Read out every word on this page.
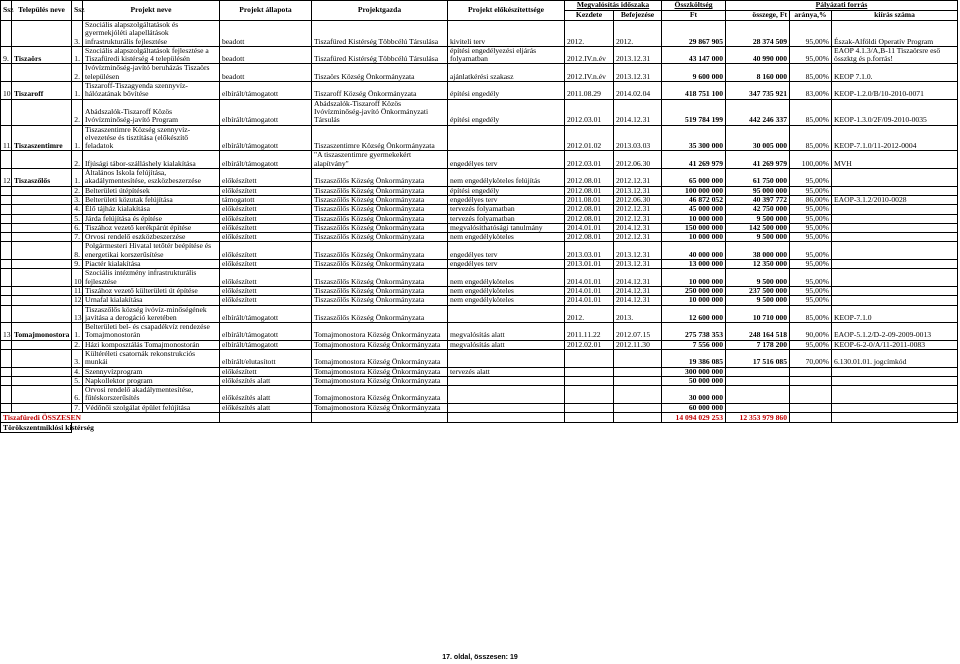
Ssz	Település neve	Ssz	Projekt neve	Projekt állapota	Projektgazda	Projekt előkészítettsége	Megvalósítás időszaka		Összköltség	Pályázati forrás		
							Kezdete	Befejezése	Ft	összege, Ft	aránya,%	kiírás száma
		3.	Szociális alapszolgáltatások és gyermekjóléti alapellátások infrastrukturális fejlesztése	beadott	Tiszafüred Kistérség Többcélú Társulása	kiviteli terv	2012.	2012.	29 867 905	28 374 509	95,00%	Észak-Alföldi Operatív Program
9.	Tiszaörs	1.	Szociális alapszolgáltatások fejlesztése a Tiszafüredi kistérség 4 településén	beadott	Tiszafüred Kistérség Többcélú Társulása	építési engedélyezési eljárás folyamatban	2012.IV.n.év	2013.12.31	43 147 000	40 990 000	95,00%	EAOP 4.1.3/A,B-11 Tiszaörsre eső összktg és p.forrás!
		2.	Ivóvízminőség-javító beruházás Tiszaörs településen	beadott	Tiszaörs Község Önkormányzata	ajánlatkérési szakasz	2012.IV.n.év	2013.12.31	9 600 000	8 160 000	85,00%	KEOP 7.1.0.
10.	Tiszaroff	1.	Tiszaroff-Tiszagyenda szennyvíz-hálózatának bővítése	elbírált/támogatott	Tiszaroff Község Önkormányzata	építési engedély	2011.08.29	2014.02.04	418 751 100	347 735 921	83,00%	KEOP-1.2.0/B/10-2010-0071
		2.	Abádszalók-Tiszaroff Közös Ivóvízminőség-javító Program	elbírált/támogatott	Abádszalók-Tiszaroff Közös Ivóvízminőség-javító Önkormányzati Társulás	építési engedély	2012.03.01	2014.12.31	519 784 199	442 246 337	85,00%	KEOP-1.3.0/2F/09-2010-0035
11.	Tiszaszentimre	1.	Tiszaszentimre Község szennyvíz-elvezetése és tisztítása (előkészítő feladatok	elbírált/támogatott	Tiszaszentimre Község Önkormányzata		2012.01.02	2013.03.03	35 300 000	30 005 000	85,00%	KEOP-7.1.0/11-2012-0004
		2.	Ifjúsági tábor-szálláshely kialakítása	elbírált/támogatott	"A tiszaszentimre gyermekekért alapítvány"	engedélyes terv	2012.03.01	2012.06.30	41 269 979	41 269 979	100,00%	MVH
12.	Tiszaszőlős	1.	Általános Iskola felújítása, akadálymentesítése, eszközbeszerzése	előkészített	Tiszaszőlős Község Önkormányzata	nem engedélyköteles felújítás	2012.08.01	2012.12.31	65 000 000	61 750 000	95,00%	
		2.	Belterületi útépítések	előkészített	Tiszaszőlős Község Önkormányzata	építési engedély	2012.08.01	2013.12.31	100 000 000	95 000 000	95,00%	
		3.	Belterületi közutak felújítása	támogatott	Tiszaszőlős Község Önkormányzata	engedélyes terv	2011.08.01	2012.06.30	46 872 052	40 397 772	86,00%	EAOP-3.1.2/2010-0028
		4.	Élő tájház kialakítása	előkészített	Tiszaszőlős Község Önkormányzata	tervezés folyamatban	2012.08.01	2012.12.31	45 000 000	42 750 000	95,00%	
		5.	Járda felújítása és építése	előkészített	Tiszaszőlős Község Önkormányzata	tervezés folyamatban	2012.08.01	2012.12.31	10 000 000	9 500 000	95,00%	
		6.	Tiszához vezető kerékpárút építése	előkészített	Tiszaszőlős Község Önkormányzata	megvalósíthatósági tanulmány	2014.01.01	2014.12.31	150 000 000	142 500 000	95,00%	
		7.	Orvosi rendelő eszközbeszerzése	előkészített	Tiszaszőlős Község Önkormányzata	nem engedélyköteles	2012.08.01	2012.12.31	10 000 000	9 500 000	95,00%	
		8.	Polgármesteri Hivatal tetőtér beépítése és energetikai korszerűsítése	előkészített	Tiszaszőlős Község Önkormányzata	engedélyes terv	2013.03.01	2013.12.31	40 000 000	38 000 000	95,00%	
		9.	Piactér kialakítása	előkészített	Tiszaszőlős Község Önkormányzata	engedélyes terv	2013.01.01	2013.12.31	13 000 000	12 350 000	95,00%	
		10.	Szociális intézmény infrastrukturális fejlesztése	előkészített	Tiszaszőlős Község Önkormányzata	nem engedélyköteles	2014.01.01	2014.12.31	10 000 000	9 500 000	95,00%	
		11.	Tiszához vezető külterületi út építése	előkészített	Tiszaszőlős Község Önkormányzata	nem engedélyköteles	2014.01.01	2014.12.31	250 000 000	237 500 000	95,00%	
		12.	Urnafal kialakítása	előkészített	Tiszaszőlős Község Önkormányzata	nem engedélyköteles	2014.01.01	2014.12.31	10 000 000	9 500 000	95,00%	
		13.	Tiszaszőlős község ivóvíz-minőségének javítása a derogáció keretében	elbírált/támogatott	Tiszaszőlős Község Önkormányzata		2012.	2013.	12 600 000	10 710 000	85,00%	KEOP-7.1.0
13.	Tomajmonostora	1.	Belterületi bel- és csapadékvíz rendezése Tomajmonostorán	elbírált/támogatott	Tomajmonostora Község Önkormányzata	megvalósítás alatt	2011.11.22	2012.07.15	275 738 353	248 164 518	90,00%	EAOP-5.1.2/D-2-09-2009-0013
		2.	Házi komposztálás Tomajmonostorán	elbírált/támogatott	Tomajmonostora Község Önkormányzata	megvalósítás alatt	2012.02.01	2012.11.30	7 556 000	7 178 200	95,00%	KEOP-6-2-0/A/11-2011-0083
		3.	Kültéréleti csatornák rekonstrukciós munkái	elbírált/elutasított	Tomajmonostora Község Önkormányzata				19 386 085	17 516 085	70,00%	6.130.01.01. jogcímkód
		4.	Szennyvízprogram	előkészített	Tomajmonostora Község Önkormányzata	tervezés alatt			300 000 000			
		5.	Napkollektor program	előkészítés alatt	Tomajmonostora Község Önkormányzata				50 000 000			
		6.	Orvosi rendelő akadálymentesítése, fűtéskorszerűsítés	előkészítés alatt	Tomajmonostora Község Önkormányzata				30 000 000			
		7.	Védőnői szolgálat épület felújítása	előkészítés alatt	Tomajmonostora Község Önkormányzata				60 000 000			
Tiszafüredi ÖSSZESEN									14 094 029 253	12 353 979 860		
Törökszentmiklósi kistérség												
17. oldal, összesen: 19
